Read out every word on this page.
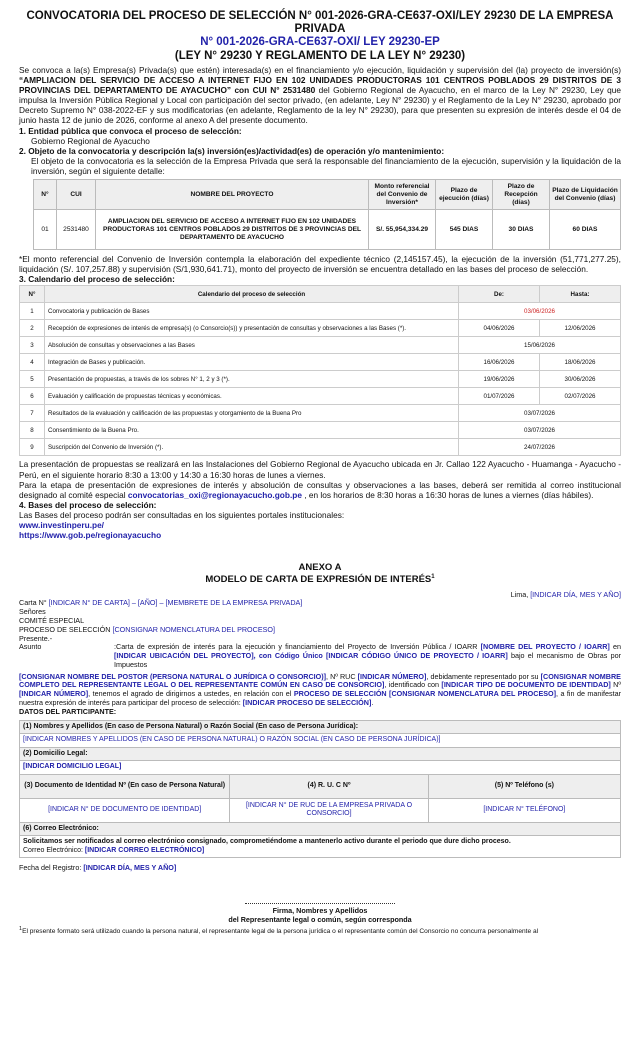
CONVOCATORIA DEL PROCESO DE SELECCIÓN N° 001-2026-GRA-CE637-OXI/LEY 29230 DE LA EMPRESA PRIVADA
N° 001-2026-GRA-CE637-OXI/ LEY 29230-EP
(LEY N° 29230 Y REGLAMENTO DE LA LEY N° 29230)

Se convoca a la(s) Empresa(s) Privada(s) que estén) interesada(s) en el financiamiento y/o ejecución, liquidación y supervisión del (la) proyecto de inversión(s) “AMPLIACION DEL SERVICIO DE ACCESO A INTERNET FIJO EN 102 UNIDADES PRODUCTORAS 101 CENTROS POBLADOS 29 DISTRITOS DE 3 PROVINCIAS DEL DEPARTAMENTO DE AYACUCHO” con CUI N° 2531480 del Gobierno Regional de Ayacucho, en el marco de la Ley N° 29230, Ley que impulsa la Inversión Pública Regional y Local con participación del sector privado, (en adelante, Ley N° 29230) y el Reglamento de la Ley N° 29230, aprobado por Decreto Supremo N° 038-2022-EF y sus modificatorias (en adelante, Reglamento de la ley N° 29230), para que presenten su expresión de interés desde el 04 de junio hasta 12 de junio de 2026, conforme al anexo A del presente documento.

1. Entidad pública que convoca el proceso de selección:

Gobierno Regional de Ayacucho

2. Objeto de la convocatoria y descripción la(s) inversión(es)/actividad(es) de operación y/o mantenimiento:

El objeto de la convocatoria es la selección de la Empresa Privada que será la responsable del financiamiento de la ejecución, supervisión y la liquidación de la inversión, según el siguiente detalle:

N°	CUI	NOMBRE DEL PROYECTO	Monto referencial del Convenio de Inversión*	Plazo de ejecución (días)	Plazo de Recepción (días)	Plazo de Liquidación del Convenio (días)
01	2531480	AMPLIACION DEL SERVICIO DE ACCESO A INTERNET FIJO EN 102 UNIDADES PRODUCTORAS 101 CENTROS POBLADOS 29 DISTRITOS DE 3 PROVINCIAS DEL DEPARTAMENTO DE AYACUCHO	S/. 55,954,334.29	545 DIAS	30 DIAS	60 DIAS

*El monto referencial del Convenio de Inversión contempla la elaboración del expediente técnico (2,145157.45), la ejecución de la inversión (51,771,277.25), liquidación (S/. 107,257.88) y supervisión (S/1,930,641.71), monto del proyecto de inversión se encuentra detallado en las bases del proceso de selección.

3. Calendario del proceso de selección:

N°	Calendario del proceso de selección	De:	Hasta:
1	Convocatoria y publicación de Bases	03/06/2026	
2	Recepción de expresiones de interés de empresa(s) (o Consorcio(s)) y presentación de consultas y observaciones a las Bases (*).	04/06/2026	12/06/2026
3	Absolución de consultas y observaciones a las Bases	15/06/2026	
4	Integración de Bases y publicación.	16/06/2026	18/06/2026
5	Presentación de propuestas, a través de los sobres N° 1, 2 y 3 (*).	19/06/2026	30/06/2026
6	Evaluación y calificación de propuestas técnicas y económicas.	01/07/2026	02/07/2026
7	Resultados de la evaluación y calificación de las propuestas y otorgamiento de la Buena Pro	03/07/2026	
8	Consentimiento de la Buena Pro.	03/07/2026	
9	Suscripción del Convenio de Inversión (*).	24/07/2026	

La presentación de propuestas se realizará en las Instalaciones del Gobierno Regional de Ayacucho ubicada en Jr. Callao 122 Ayacucho - Huamanga - Ayacucho - Perú, en el siguiente horario 8:30 a 13:00 y 14:30 a 16:30 horas de lunes a viernes.

Para la etapa de presentación de expresiones de interés y absolución de consultas y observaciones a las bases, deberá ser remitida al correo institucional designado al comité especial convocatorias_oxi@regionayacucho.gob.pe , en los horarios de 8:30 horas a 16:30 horas de lunes a viernes (días hábiles).

4. Bases del proceso de selección:

Las Bases del proceso podrán ser consultadas en los siguientes portales institucionales:

www.investinperu.pe/

https://www.gob.pe/regionayacucho

ANEXO A
MODELO DE CARTA DE EXPRESIÓN DE INTERÉS$^1$
Lima, [INDICAR DÍA, MES Y AÑO]
Carta N° [INDICAR N° DE CARTA] – [AÑO] – [MEMBRETE DE LA EMPRESA PRIVADA]
Señores
COMITÉ ESPECIAL
PROCESO DE SELECCIÓN [CONSIGNAR NOMENCLATURA DEL PROCESO]
Presente.-
Asunto	:Carta de expresión de interés para la ejecución y financiamiento del Proyecto de Inversión Pública / IOARR [NOMBRE DEL PROYECTO / IOARR] en [INDICAR UBICACIÓN DEL PROYECTO], con Código Único [INDICAR CÓDIGO ÚNICO DE PROYECTO / IOARR] bajo el mecanismo de Obras por Impuestos
[CONSIGNAR NOMBRE DEL POSTOR (PERSONA NATURAL O JURÍDICA O CONSORCIO)], Nº RUC [INDICAR NÚMERO], debidamente representado por su [CONSIGNAR NOMBRE COMPLETO DEL REPRESENTANTE LEGAL O DEL REPRESENTANTE COMÚN EN CASO DE CONSORCIO], identificado con [INDICAR TIPO DE DOCUMENTO DE IDENTIDAD] Nº [INDICAR NÚMERO], tenemos el agrado de dirigirnos a ustedes, en relación con el PROCESO DE SELECCIÓN [CONSIGNAR NOMENCLATURA DEL PROCESO], a fin de manifestar nuestra expresión de interés para participar del proceso de selección: [INDICAR PROCESO DE SELECCIÓN].
DATOS DEL PARTICIPANTE:
(1) Nombres y Apellidos (En caso de Persona Natural) o Razón Social (En caso de Persona Jurídica):		
[INDICAR NOMBRES Y APELLIDOS (EN CASO DE PERSONA NATURAL) O RAZÓN SOCIAL (EN CASO DE PERSONA JURÍDICA)]		
(2) Domicilio Legal:		
[INDICAR DOMICILIO LEGAL]		
(3) Documento de Identidad Nº (En caso de Persona Natural)	(4) R. U. C Nº	(5) Nº Teléfono (s)
[INDICAR N° DE DOCUMENTO DE IDENTIDAD]	[INDICAR N° DE RUC DE LA EMPRESA PRIVADA O CONSORCIO]	[INDICAR N° TELÉFONO]
(6) Correo Electrónico:		

Solicitamos ser notificados al correo electrónico consignado, comprometiéndome a mantenerlo activo durante el periodo que dure dicho proceso.
Correo Electrónico: [INDICAR CORREO ELECTRÓNICO]		
Fecha del Registro: [INDICAR DÍA, MES Y AÑO]
Firma, Nombres y Apellidos
del Representante legal o común, según corresponda
$^1$El presente formato será utilizado cuando la persona natural, el representante legal de la persona jurídica o el representante común del Consorcio no concurra personalmente al
